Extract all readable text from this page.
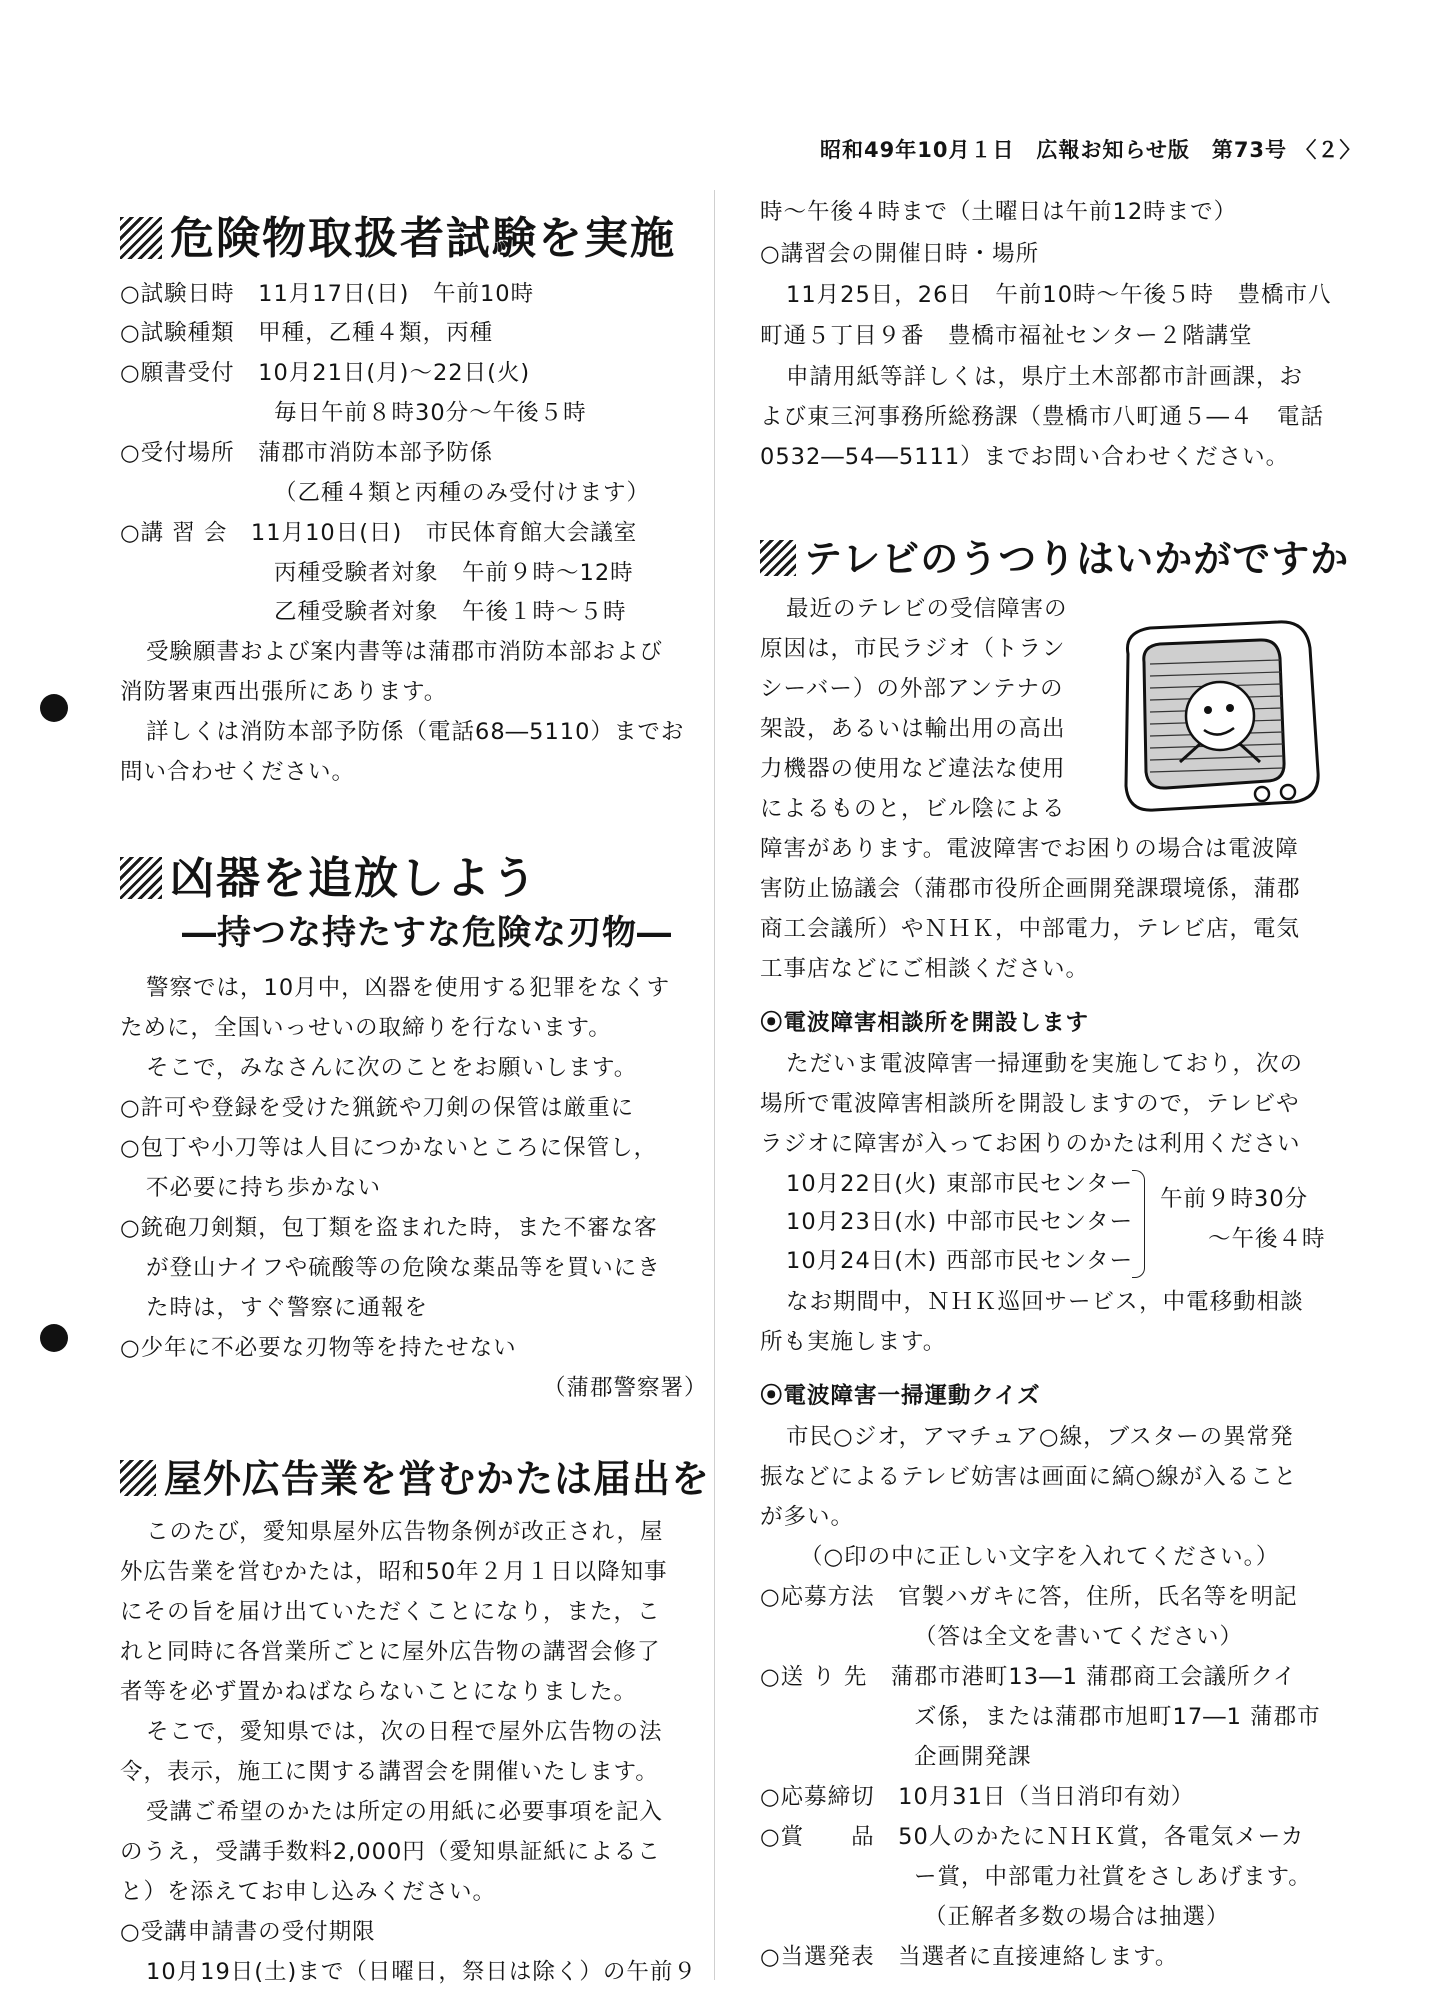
昭和49年10月１日　広報お知らせ版　第73号 〈２〉
危険物取扱者試験を実施
○試験日時　11月17日(日)　午前10時
○試験種類　甲種，乙種４類，丙種
○願書受付　10月21日(月)～22日(火)
毎日午前８時30分～午後５時
○受付場所　蒲郡市消防本部予防係
（乙種４類と丙種のみ受付けます）
○講 習 会　11月10日(日)　市民体育館大会議室
丙種受験者対象　午前９時～12時
乙種受験者対象　午後１時～５時
受験願書および案内書等は蒲郡市消防本部および
消防署東西出張所にあります。
詳しくは消防本部予防係（電話68―5110）までお
問い合わせください。
凶器を追放しよう
―持つな持たすな危険な刃物―
警察では，10月中，凶器を使用する犯罪をなくす
ために，全国いっせいの取締りを行ないます。
そこで，みなさんに次のことをお願いします。
○許可や登録を受けた猟銃や刀剣の保管は厳重に
○包丁や小刀等は人目につかないところに保管し，
不必要に持ち歩かない
○銃砲刀剣類，包丁類を盗まれた時，また不審な客
が登山ナイフや硫酸等の危険な薬品等を買いにき
た時は，すぐ警察に通報を
○少年に不必要な刃物等を持たせない
（蒲郡警察署）
屋外広告業を営むかたは届出を
このたび，愛知県屋外広告物条例が改正され，屋
外広告業を営むかたは，昭和50年２月１日以降知事
にその旨を届け出ていただくことになり，また，こ
れと同時に各営業所ごとに屋外広告物の講習会修了
者等を必ず置かねばならないことになりました。
そこで，愛知県では，次の日程で屋外広告物の法
令，表示，施工に関する講習会を開催いたします。
受講ご希望のかたは所定の用紙に必要事項を記入
のうえ，受講手数料2,000円（愛知県証紙によるこ
と）を添えてお申し込みください。
○受講申請書の受付期限
10月19日(土)まで（日曜日，祭日は除く）の午前９
時～午後４時まで（土曜日は午前12時まで）
○講習会の開催日時・場所
11月25日，26日　午前10時～午後５時　豊橋市八
町通５丁目９番　豊橋市福祉センター２階講堂
申請用紙等詳しくは，県庁土木部都市計画課，お
よび東三河事務所総務課（豊橋市八町通５―４　電話
0532―54―5111）までお問い合わせください。
テレビのうつりはいかがですか
最近のテレビの受信障害の
原因は，市民ラジオ（トラン
シーバー）の外部アンテナの
架設，あるいは輸出用の高出
力機器の使用など違法な使用
によるものと，ビル陰による
障害があります。電波障害でお困りの場合は電波障
害防止協議会（蒲郡市役所企画開発課環境係，蒲郡
商工会議所）やＮＨＫ，中部電力，テレビ店，電気
工事店などにご相談ください。
⦿電波障害相談所を開設します
ただいま電波障害一掃運動を実施しており，次の
場所で電波障害相談所を開設しますので，テレビや
ラジオに障害が入ってお困りのかたは利用ください
10月22日(火) 東部市民センター
10月23日(水) 中部市民センター
10月24日(木) 西部市民センター
午前９時30分
～午後４時
なお期間中，ＮＨＫ巡回サービス，中電移動相談
所も実施します。
⦿電波障害一掃運動クイズ
市民○ジオ，アマチュア○線，ブスターの異常発
振などによるテレビ妨害は画面に縞○線が入ること
が多い。
（○印の中に正しい文字を入れてください。）
○応募方法　官製ハガキに答，住所，氏名等を明記
（答は全文を書いてください）
○送 り 先　蒲郡市港町13―1 蒲郡商工会議所クイ
ズ係，または蒲郡市旭町17―1 蒲郡市
企画開発課
○応募締切　10月31日（当日消印有効）
○賞　　品　50人のかたにＮＨＫ賞，各電気メーカ
ー賞，中部電力社賞をさしあげます。
（正解者多数の場合は抽選）
○当選発表　当選者に直接連絡します。
